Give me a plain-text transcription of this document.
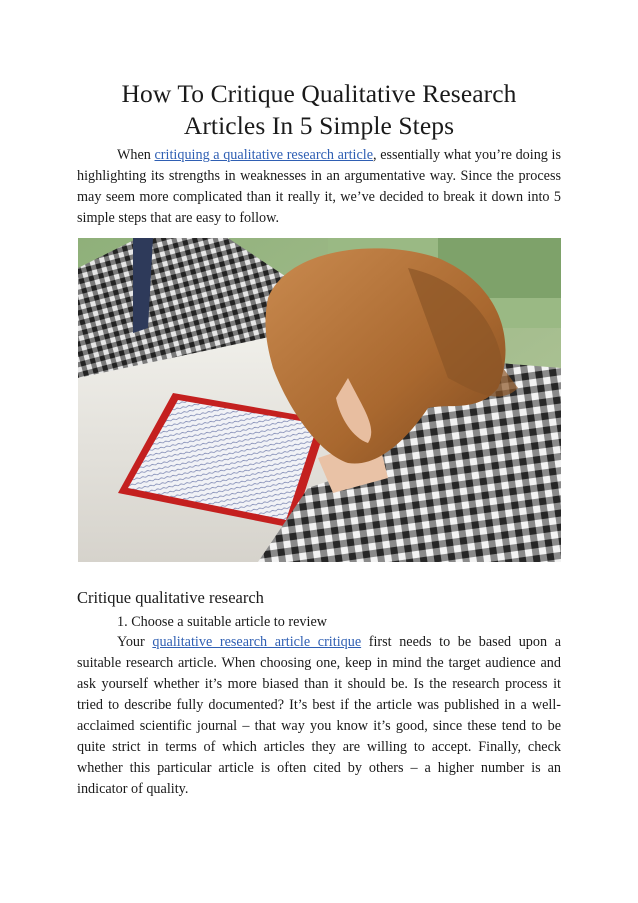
How To Critique Qualitative Research
Articles In 5 Simple Steps

When critiquing a qualitative research article, essentially what you’re doing is highlighting its strengths in weaknesses in an argumentative way. Since the process may seem more complicated than it really it, we’ve decided to break it down into 5 simple steps that are easy to follow.

Critique qualitative research

1. Choose a suitable article to review

Your qualitative research article critique first needs to be based upon a suitable research article. When choosing one, keep in mind the target audience and ask yourself whether it’s more biased than it should be. Is the research process it tried to describe fully documented? It’s best if the article was published in a well-acclaimed scientific journal – that way you know it’s good, since these tend to be quite strict in terms of which articles they are willing to accept. Finally, check whether this particular article is often cited by others – a higher number is an indicator of quality.
